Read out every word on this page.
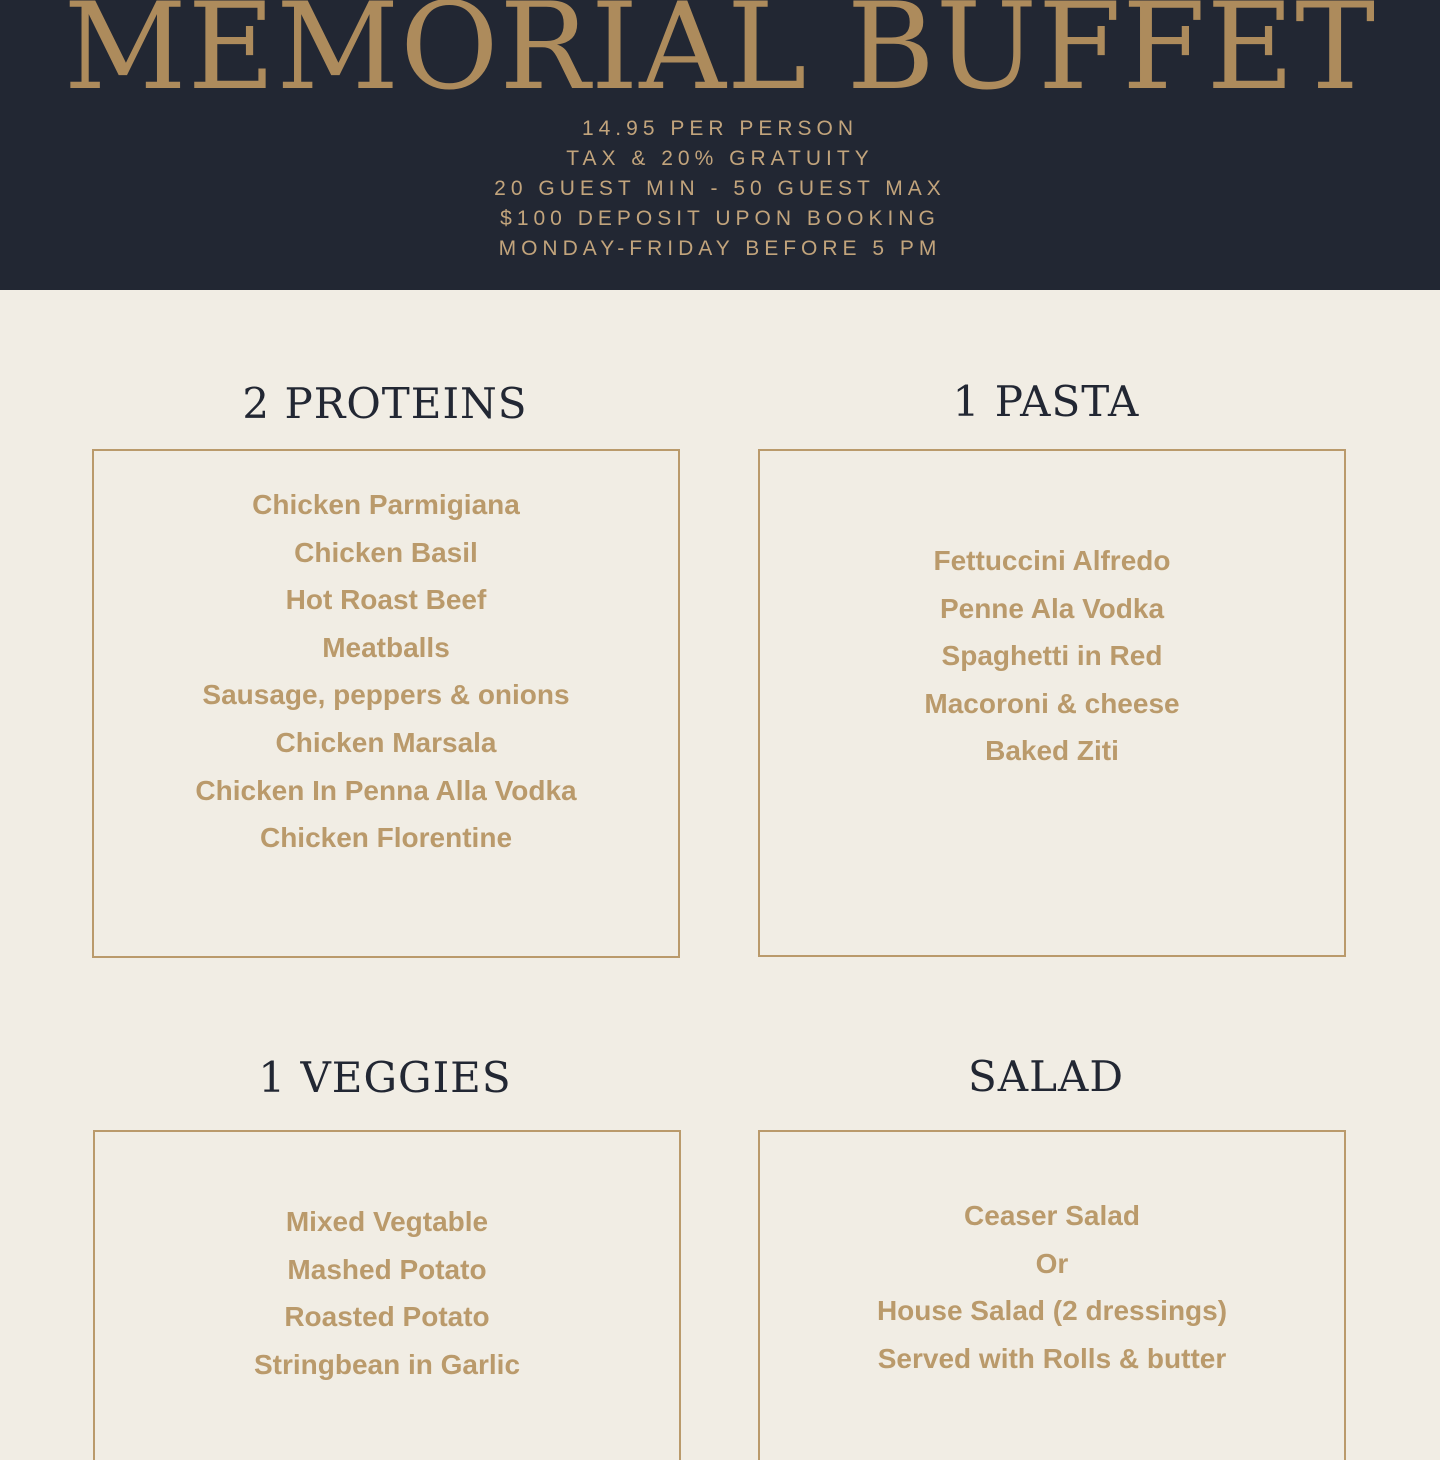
MEMORIAL BUFFET
14.95 PER PERSON
TAX & 20% GRATUITY
20 GUEST MIN - 50 GUEST MAX
$100 DEPOSIT UPON BOOKING
MONDAY-FRIDAY BEFORE 5 PM
2 PROTEINS
Chicken Parmigiana
Chicken Basil
Hot Roast Beef
Meatballs
Sausage, peppers & onions
Chicken Marsala
Chicken In Penna Alla Vodka
Chicken Florentine
1 PASTA
Fettuccini Alfredo
Penne Ala Vodka
Spaghetti in Red
Macoroni & cheese
Baked Ziti
1 VEGGIES
Mixed Vegtable
Mashed Potato
Roasted Potato
Stringbean in Garlic
SALAD
Ceaser Salad
Or
House Salad (2 dressings)
Served with Rolls & butter
